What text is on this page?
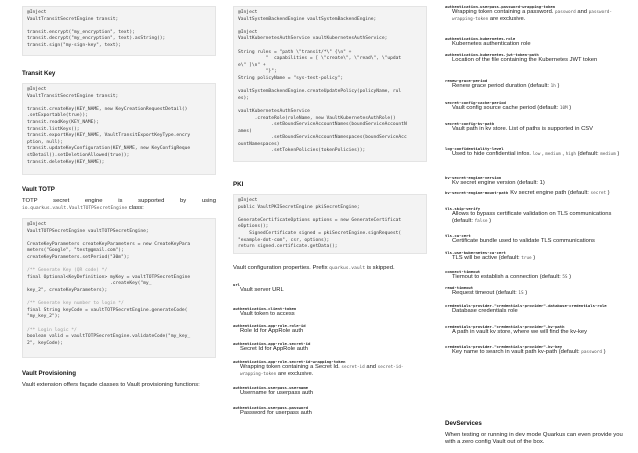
@Inject
VaultTransitSecretEngine transit;
transit.encrypt("my_encryption", text);
transit.decrypt("my_encryption", text).asString();
transit.sign("my-sign-key", text);
Transit Key
@Inject
VaultTransitSecretEngine transit;
transit.createKey(KEY_NAME, new KeyCreationRequestDetail()
.setExportable(true));
transit.readKey(KEY_NAME);
transit.listKeys();
transit.exportKey(KEY_NAME, VaultTransitExportKeyType.encry
ption, null);
transit.updateKeyConfiguration(KEY_NAME, new KeyConfigReque
stDetail().setDeletionAllowed(true));
transit.deleteKey(KEY_NAME);
Vault TOTP

TOTP secret engine is supported by using io.quarkus.vault.VaultTOTPSecretEngine class:

@Inject
VaultTOTPSecretEngine vaultTOTPSecretEngine;
CreateKeyParameters createKeyParameters = new CreateKeyPara
meters("Google", "test@gmail.com");
createKeyParameters.setPeriod("30m");
/** Generate Key (QR code) */
final Optional<KeyDefinition> myKey = vaultTOTPSecretEngine
.createKey("my_
key_2", createKeyParameters);
/** Generate key number to login */
final String keyCode = vaultTOTPSecretEngine.generateCode(
"my_key_2");
/** Login logic */
boolean valid = vaultTOTPSecretEngine.validateCode("my_key_
2", keyCode);
Vault Provisioning

Vault extension offers façade classes to Vault provisioning functions:

@Inject
VaultSystemBackendEngine vaultSystemBackendEngine;
@Inject
VaultKubernetesAuthService vaultKubernetesAuthService;
String rules = "path \"transit/*\" {\n" +
"  capabilities = [ \"create\", \"read\", \"updat
e\" ]\n" +
"}";
String policyName = "sys-test-policy";
vaultSystemBackendEngine.createUpdatePolicy(policyName, rul
es);
vaultKubernetesAuthService
.createRole(roleName, new VaultKubernetesAuthRole()
.setBoundServiceAccountNames(boundServiceAccountN
ames)
.setBoundServiceAccountNamespaces(boundServiceAcc
ountNamespaces)
.setTokenPolicies(tokenPolicies));
PKI
@Inject
public VaultPKISecretEngine pkiSecretEngine;
GenerateCertificateOptions options = new GenerateCertificat
eOptions();
SignedCertificate signed = pkiSecretEngine.signRequest(
"example-dot-com", csr, options);
return signed.certificate.getData();

Vault configuration properties. Prefix quarkus.vault is skipped.

url

Vault server URL

authentication.client-token

Vault token to access

authentication.app-role.role-id

Role Id for AppRole auth

authentication.app-role.secret-id

Secret Id for AppRole auth

authentication.app-role.secret-id-wrapping-token

Wrapping token containing a Secret Id. secret-id and secret-id-wrapping-token are exclusive.

authentication.userpass.username

Username for userpass auth

authentication.userpass.password

Password for userpass auth

authentication.userpass.password-wrapping-token

Wrapping token containing a password. password and password-wrapping-token are exclusive.

authentication.kubernetes.role

Kubernetes authentication role

authentication.kubernetes.jwt-token-path

Location of the file containing the Kubernetes JWT token

renew-grace-period

Renew grace period duration (default: 1h )

secret-config-cache-period

Vault config source cache period (default: 10M )

secret-config-kv-path

Vault path in kv store. List of paths is supported in CSV

log-confidentiality-level

Used to hide confidential infos. low , medium , high (default: medium )

kv-secret-engine-version

Kv secret engine version (default: 1)

kv-secret-engine-mount-path Kv secret engine path (default: secret )

tls.skip-verify

Allows to bypass certificate validation on TLS communications (default: false )

tls.ca-cert

Certificate bundle used to validate TLS communications

tls.use-kubernetes-ca-cert

TLS will be active (default: true )

connect-timeout

Tiemout to establish a connection (default: 5S )

read-timeout

Request timeout (default: 1S )

credentials-provider."credentials-provider".database-credentials-role

Database credentials role

credentials-provider."credentials-provider".kv-path

A path in vault kv store, where we will find the kv-key

credentials-provider."credentials-provider".kv-key

Key name to search in vault path kv-path (default: password )

DevServices

When testing or running in dev mode Quarkus can even provide you with a zero config Vault out of the box.
